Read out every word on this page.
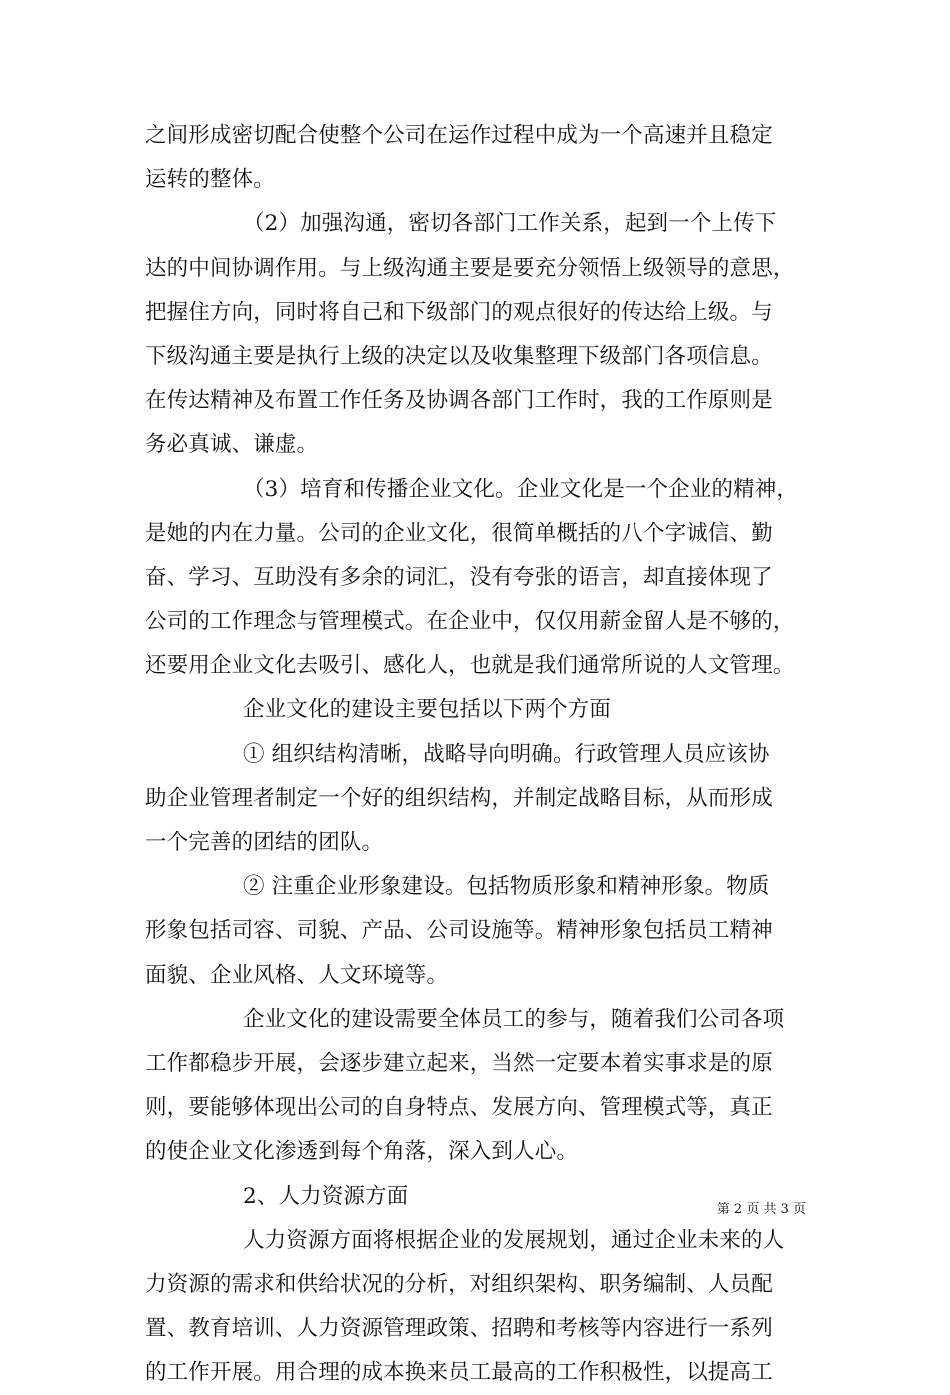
之间形成密切配合使整个公司在运作过程中成为一个高速并且稳定
运转的整体。
（2）加强沟通，密切各部门工作关系，起到一个上传下
达的中间协调作用。与上级沟通主要是要充分领悟上级领导的意思，
把握住方向，同时将自己和下级部门的观点很好的传达给上级。与
下级沟通主要是执行上级的决定以及收集整理下级部门各项信息。
在传达精神及布置工作任务及协调各部门工作时，我的工作原则是
务必真诚、谦虚。
（3）培育和传播企业文化。企业文化是一个企业的精神，
是她的内在力量。公司的企业文化，很简单概括的八个字诚信、勤
奋、学习、互助没有多余的词汇，没有夸张的语言，却直接体现了
公司的工作理念与管理模式。在企业中，仅仅用薪金留人是不够的，
还要用企业文化去吸引、感化人，也就是我们通常所说的人文管理。
企业文化的建设主要包括以下两个方面
① 组织结构清晰，战略导向明确。行政管理人员应该协
助企业管理者制定一个好的组织结构，并制定战略目标，从而形成
一个完善的团结的团队。
② 注重企业形象建设。包括物质形象和精神形象。物质
形象包括司容、司貌、产品、公司设施等。精神形象包括员工精神
面貌、企业风格、人文环境等。
企业文化的建设需要全体员工的参与，随着我们公司各项
工作都稳步开展，会逐步建立起来，当然一定要本着实事求是的原
则，要能够体现出公司的自身特点、发展方向、管理模式等，真正
的使企业文化渗透到每个角落，深入到人心。
2、人力资源方面
人力资源方面将根据企业的发展规划，通过企业未来的人
力资源的需求和供给状况的分析，对组织架构、职务编制、人员配
置、教育培训、人力资源管理政策、招聘和考核等内容进行一系列
的工作开展。用合理的成本换来员工最高的工作积极性，以提高工
第 2 页 共 3 页
